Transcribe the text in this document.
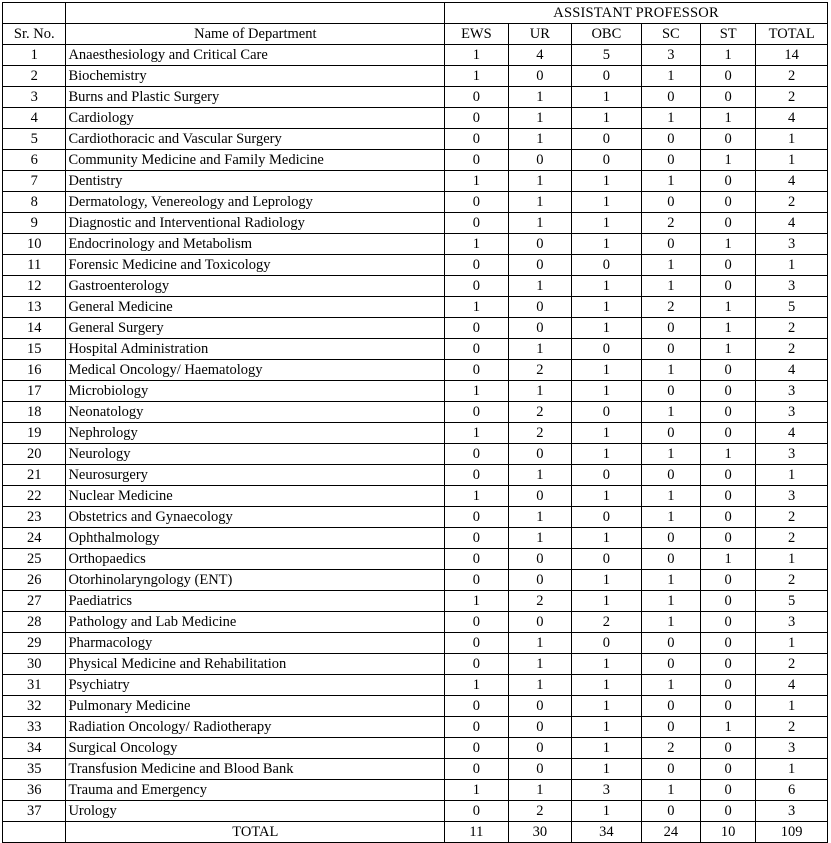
		ASSISTANT PROFESSOR					
Sr. No.	Name of Department	EWS	UR	OBC	SC	ST	TOTAL
1	Anaesthesiology and Critical Care	1	4	5	3	1	14
2	Biochemistry	1	0	0	1	0	2
3	Burns and Plastic Surgery	0	1	1	0	0	2
4	Cardiology	0	1	1	1	1	4
5	Cardiothoracic and Vascular Surgery	0	1	0	0	0	1
6	Community Medicine and Family Medicine	0	0	0	0	1	1
7	Dentistry	1	1	1	1	0	4
8	Dermatology, Venereology and Leprology	0	1	1	0	0	2
9	Diagnostic and Interventional Radiology	0	1	1	2	0	4
10	Endocrinology and Metabolism	1	0	1	0	1	3
11	Forensic Medicine and Toxicology	0	0	0	1	0	1
12	Gastroenterology	0	1	1	1	0	3
13	General Medicine	1	0	1	2	1	5
14	General Surgery	0	0	1	0	1	2
15	Hospital Administration	0	1	0	0	1	2
16	Medical Oncology/ Haematology	0	2	1	1	0	4
17	Microbiology	1	1	1	0	0	3
18	Neonatology	0	2	0	1	0	3
19	Nephrology	1	2	1	0	0	4
20	Neurology	0	0	1	1	1	3
21	Neurosurgery	0	1	0	0	0	1
22	Nuclear Medicine	1	0	1	1	0	3
23	Obstetrics and Gynaecology	0	1	0	1	0	2
24	Ophthalmology	0	1	1	0	0	2
25	Orthopaedics	0	0	0	0	1	1
26	Otorhinolaryngology (ENT)	0	0	1	1	0	2
27	Paediatrics	1	2	1	1	0	5
28	Pathology and Lab Medicine	0	0	2	1	0	3
29	Pharmacology	0	1	0	0	0	1
30	Physical Medicine and Rehabilitation	0	1	1	0	0	2
31	Psychiatry	1	1	1	1	0	4
32	Pulmonary Medicine	0	0	1	0	0	1
33	Radiation Oncology/ Radiotherapy	0	0	1	0	1	2
34	Surgical Oncology	0	0	1	2	0	3
35	Transfusion Medicine and Blood Bank	0	0	1	0	0	1
36	Trauma and Emergency	1	1	3	1	0	6
37	Urology	0	2	1	0	0	3
	TOTAL	11	30	34	24	10	109
